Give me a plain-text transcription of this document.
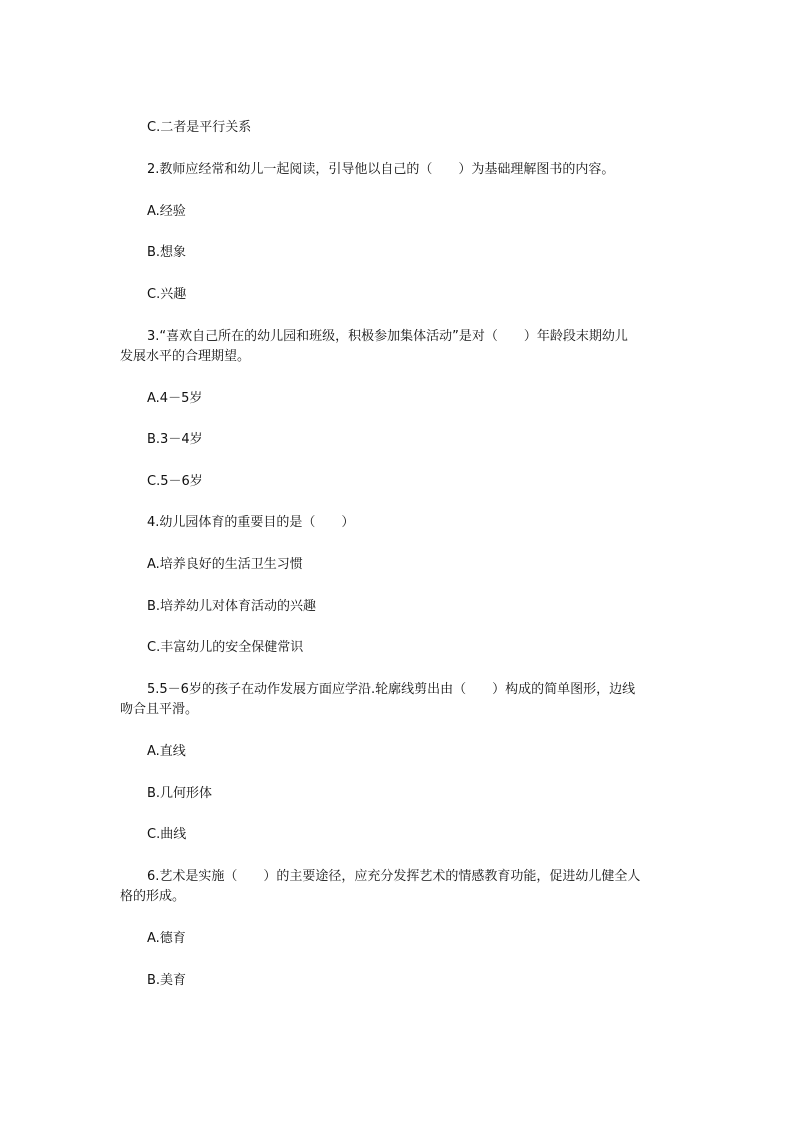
C.二者是平行关系
2.教师应经常和幼儿一起阅读，引导他以自己的（　　）为基础理解图书的内容。
A.经验
B.想象
C.兴趣
3.“喜欢自己所在的幼儿园和班级，积极参加集体活动”是对（　　）年龄段末期幼儿
发展水平的合理期望。
A.4－5岁
B.3－4岁
C.5－6岁
4.幼儿园体育的重要目的是（　　）
A.培养良好的生活卫生习惯
B.培养幼儿对体育活动的兴趣
C.丰富幼儿的安全保健常识
5.5－6岁的孩子在动作发展方面应学沿.轮廓线剪出由（　　）构成的简单图形，边线
吻合且平滑。
A.直线
B.几何形体
C.曲线
6.艺术是实施（　　）的主要途径，应充分发挥艺术的情感教育功能，促进幼儿健全人
格的形成。
A.德育
B.美育
